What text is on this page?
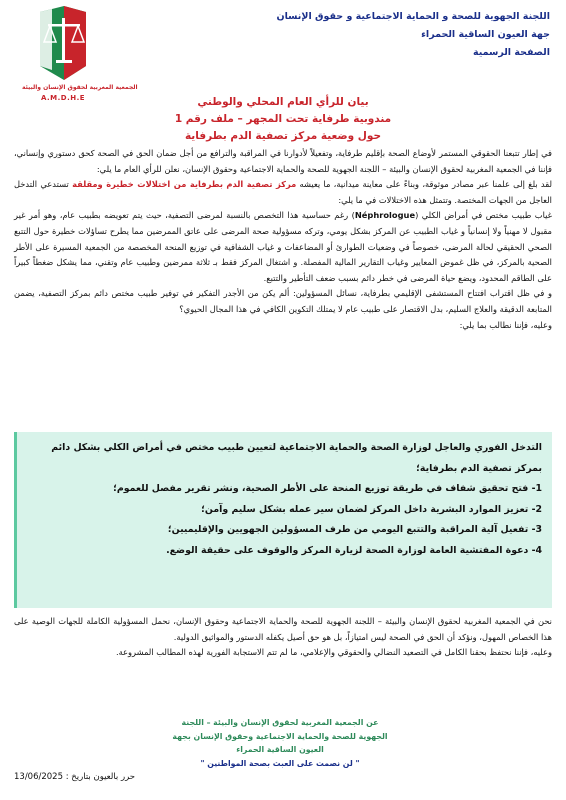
الجمعية المغربية لحقوق الإنسان والبيئة
A.M.D.H.E
اللجنة الجهوية للصحة و الحماية الاجتماعية و حقوق الإنسان
جهة العيون الساقية الحمراء
الصفحة الرسمية
بيان للرأي العام المحلي والوطني
مندوبية طرفاية تحت المجهر – ملف رقم 1
حول وضعية مركز تصفية الدم بطرفاية

في إطار تتبعنا الحقوقي المستمر لأوضاع الصحة بإقليم طرفاية، وتفعيلاً لأدوارنا في المراقبة والترافع من أجل ضمان الحق في الصحة كحق دستوري وإنساني، فإننا في الجمعية المغربية لحقوق الإنسان والبيئة – اللجنة الجهوية للصحة والحماية الاجتماعية وحقوق الإنسان، نعلن للرأي العام ما يلي:

لقد بلغ إلى علمنا عبر مصادر موثوقة، وبناءً على معاينة ميدانية، ما يعيشه مركز تصفية الدم بطرفاية من اختلالات خطيرة ومقلقة تستدعي التدخل العاجل من الجهات المختصة. وتتمثل هذه الاختلالات في ما يلي:

غياب طبيب مختص في أمراض الكلي (Néphrologue) رغم حساسية هذا التخصص بالنسبة لمرضى التصفية، حيث يتم تعويضه بطبيب عام، وهو أمر غير مقبول لا مهنياً ولا إنسانياً و غياب الطبيب عن المركز بشكل يومي، وتركه مسؤولية صحة المرضى على عاتق الممرضين مما يطرح تساؤلات خطيرة حول التتبع الصحي الحقيقي لحالة المرضى، خصوصاً في وضعيات الطوارئ أو المضاعفات و غياب الشفافية في توزيع المنحة المخصصة من الجمعية المسيرة على الأطر الصحية بالمركز، في ظل غموض المعايير وغياب التقارير المالية المفصلة. و اشتغال المركز فقط بـ ثلاثة ممرضين وطبيب عام وتقني، مما يشكل ضغطاً كبيراً على الطاقم المحدود، ويضع حياة المرضى في خطر دائم بسبب ضعف التأطير والتتبع.

و في ظل اقتراب افتتاح المستشفى الإقليمي بطرفاية، نسائل المسؤولين: ألم يكن من الأجدر التفكير في توفير طبيب مختص دائم بمركز التصفية، يضمن المتابعة الدقيقة والعلاج السليم، بدل الاقتصار على طبيب عام لا يمتلك التكوين الكافي في هذا المجال الحيوي؟

وعليه، فإننا نطالب بما يلي:

التدخل الفوري والعاجل لوزارة الصحة والحماية الاجتماعية لتعيين طبيب مختص في أمراض الكلي بشكل دائم بمركز تصفية الدم بطرفاية؛

1- فتح تحقيق شفاف في طريقة توزيع المنحة على الأطر الصحية، ونشر تقرير مفصل للعموم؛

2- تعزيز الموارد البشرية داخل المركز لضمان سير عمله بشكل سليم وآمن؛

3- تفعيل آلية المراقبة والتتبع اليومي من طرف المسؤولين الجهويين والإقليميين؛

4- دعوة المفتشية العامة لوزارة الصحة لزيارة المركز والوقوف على حقيقة الوضع.

نحن في الجمعية المغربية لحقوق الإنسان والبيئة – اللجنة الجهوية للصحة والحماية الاجتماعية وحقوق الإنسان، نحمل المسؤولية الكاملة للجهات الوصية على هذا الخصاص المهول، ونؤكد أن الحق في الصحة ليس امتيازاً، بل هو حق أصيل يكفله الدستور والمواثيق الدولية.

وعليه، فإننا نحتفظ بحقنا الكامل في التصعيد النضالي والحقوقي والإعلامي، ما لم تتم الاستجابة الفورية لهذه المطالب المشروعة.

عن الجمعية المغربية لحقوق الإنسان والبيئة – اللجنة
الجهوية للصحة والحماية الاجتماعية وحقوق الإنسان بجهة
العيون الساقية الحمراء
" لن نصمت على العبث بصحة المواطنين "
حرر بالعيون بتاريخ : 13/06/2025
